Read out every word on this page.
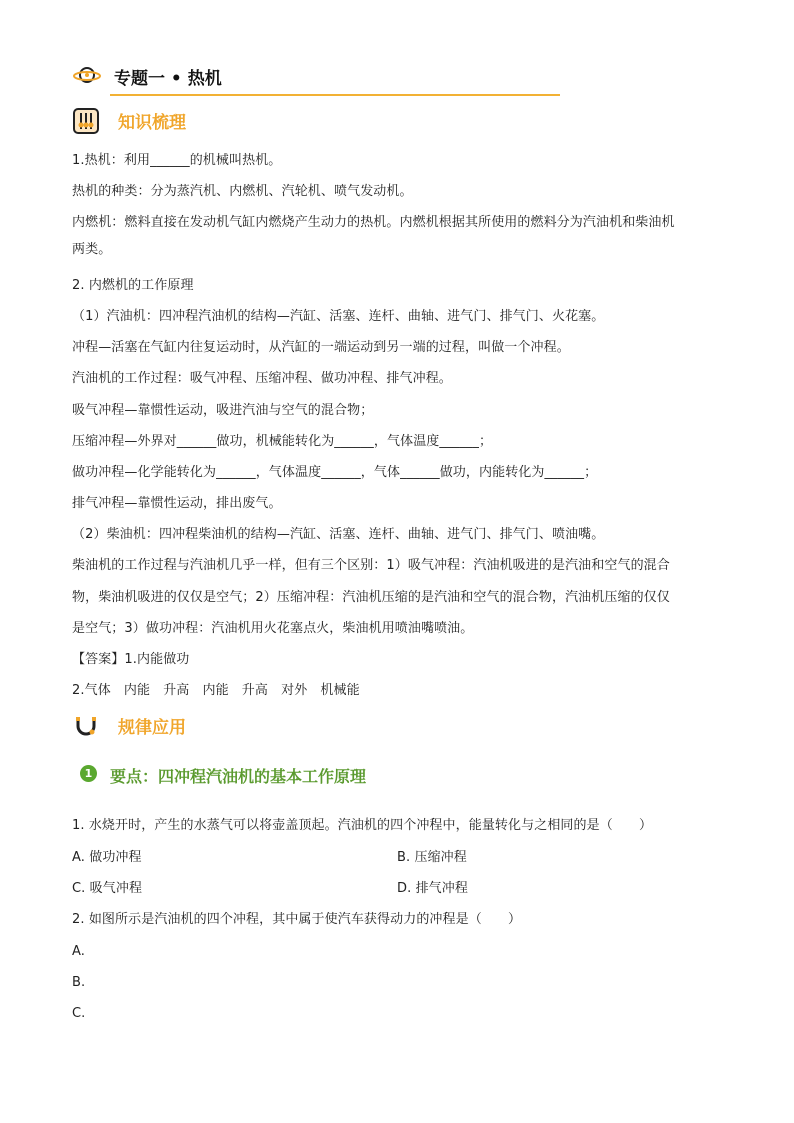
专题一 • 热机
知识梳理
1.热机：利用______的机械叫热机。
热机的种类：分为蒸汽机、内燃机、汽轮机、喷气发动机。
内燃机：燃料直接在发动机气缸内燃烧产生动力的热机。内燃机根据其所使用的燃料分为汽油机和柴油机
两类。
2. 内燃机的工作原理
（1）汽油机：四冲程汽油机的结构—汽缸、活塞、连杆、曲轴、进气门、排气门、火花塞。
冲程—活塞在气缸内往复运动时，从汽缸的一端运动到另一端的过程，叫做一个冲程。
汽油机的工作过程：吸气冲程、压缩冲程、做功冲程、排气冲程。
吸气冲程—靠惯性运动，吸进汽油与空气的混合物；
压缩冲程—外界对______做功，机械能转化为______，气体温度______；
做功冲程—化学能转化为______，气体温度______，气体______做功，内能转化为______；
排气冲程—靠惯性运动，排出废气。
（2）柴油机：四冲程柴油机的结构—汽缸、活塞、连杆、曲轴、进气门、排气门、喷油嘴。
柴油机的工作过程与汽油机几乎一样，但有三个区别：1）吸气冲程：汽油机吸进的是汽油和空气的混合
物，柴油机吸进的仅仅是空气；2）压缩冲程：汽油机压缩的是汽油和空气的混合物，汽油机压缩的仅仅
是空气；3）做功冲程：汽油机用火花塞点火，柴油机用喷油嘴喷油。
【答案】1.内能做功
2.气体　内能　升高　内能　升高　对外　机械能
规律应用
1 要点：四冲程汽油机的基本工作原理
1. 水烧开时，产生的水蒸气可以将壶盖顶起。汽油机的四个冲程中，能量转化与之相同的是（　　）
A. 做功冲程	B. 压缩冲程
C. 吸气冲程	D. 排气冲程
2. 如图所示是汽油机的四个冲程，其中属于使汽车获得动力的冲程是（　　）
A.
B.
C.
